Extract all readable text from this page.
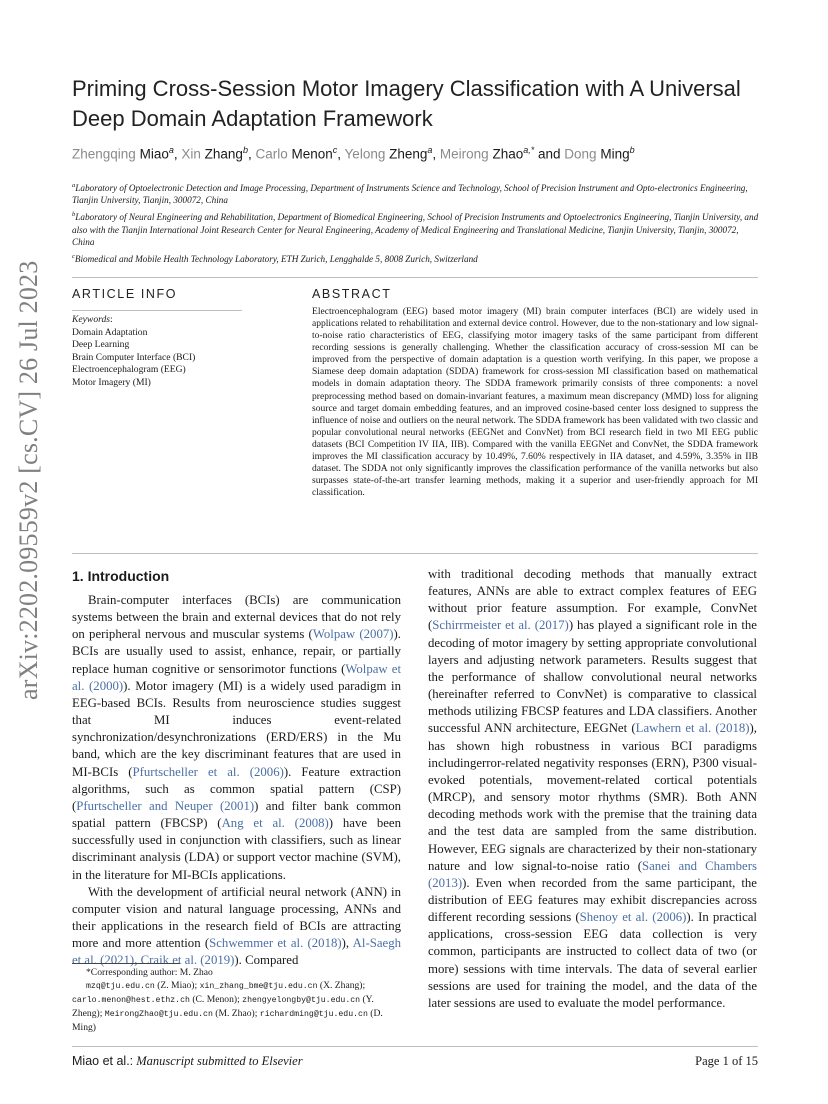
arXiv:2202.09559v2 [cs.CV] 26 Jul 2023
Priming Cross-Session Motor Imagery Classification with A Universal Deep Domain Adaptation Framework
Zhengqing Miao$^a$, Xin Zhang$^b$, Carlo Menon$^c$, Yelong Zheng$^a$, Meirong Zhao$^{a,*}$ and Dong Ming$^b$

$^a$Laboratory of Optoelectronic Detection and Image Processing, Department of Instruments Science and Technology, School of Precision Instrument and Opto-electronics Engineering, Tianjin University, Tianjin, 300072, China

$^b$Laboratory of Neural Engineering and Rehabilitation, Department of Biomedical Engineering, School of Precision Instruments and Optoelectronics Engineering, Tianjin University, and also with the Tianjin International Joint Research Center for Neural Engineering, Academy of Medical Engineering and Translational Medicine, Tianjin University, Tianjin, 300072, China

$^c$Biomedical and Mobile Health Technology Laboratory, ETH Zurich, Lengghalde 5, 8008 Zurich, Switzerland

ARTICLE INFO
Keywords:
Domain Adaptation
Deep Learning
Brain Computer Interface (BCI)
Electroencephalogram (EEG)
Motor Imagery (MI)
ABSTRACT
Electroencephalogram (EEG) based motor imagery (MI) brain computer interfaces (BCI) are widely used in applications related to rehabilitation and external device control. However, due to the non-stationary and low signal-to-noise ratio characteristics of EEG, classifying motor imagery tasks of the same participant from different recording sessions is generally challenging. Whether the classification accuracy of cross-session MI can be improved from the perspective of domain adaptation is a question worth verifying. In this paper, we propose a Siamese deep domain adaptation (SDDA) framework for cross-session MI classification based on mathematical models in domain adaptation theory. The SDDA framework primarily consists of three components: a novel preprocessing method based on domain-invariant features, a maximum mean discrepancy (MMD) loss for aligning source and target domain embedding features, and an improved cosine-based center loss designed to suppress the influence of noise and outliers on the neural network. The SDDA framework has been validated with two classic and popular convolutional neural networks (EEGNet and ConvNet) from BCI research field in two MI EEG public datasets (BCI Competition IV IIA, IIB). Compared with the vanilla EEGNet and ConvNet, the SDDA framework improves the MI classification accuracy by 10.49%, 7.60% respectively in IIA dataset, and 4.59%, 3.35% in IIB dataset. The SDDA not only significantly improves the classification performance of the vanilla networks but also surpasses state-of-the-art transfer learning methods, making it a superior and user-friendly approach for MI classification.
1. Introduction

Brain-computer interfaces (BCIs) are communication systems between the brain and external devices that do not rely on peripheral nervous and muscular systems (Wolpaw (2007)). BCIs are usually used to assist, enhance, repair, or partially replace human cognitive or sensorimotor functions (Wolpaw et al. (2000)). Motor imagery (MI) is a widely used paradigm in EEG-based BCIs. Results from neuroscience studies suggest that MI induces event-related synchronization/desynchronizations (ERD/ERS) in the Mu band, which are the key discriminant features that are used in MI-BCIs (Pfurtscheller et al. (2006)). Feature extraction algorithms, such as common spatial pattern (CSP) (Pfurtscheller and Neuper (2001)) and filter bank common spatial pattern (FBCSP) (Ang et al. (2008)) have been successfully used in conjunction with classifiers, such as linear discriminant analysis (LDA) or support vector machine (SVM), in the literature for MI-BCIs applications.

With the development of artificial neural network (ANN) in computer vision and natural language processing, ANNs and their applications in the research field of BCIs are attracting more and more attention (Schwemmer et al. (2018)), Al-Saegh et al. (2021), Craik et al. (2019)). Compared

with traditional decoding methods that manually extract features, ANNs are able to extract complex features of EEG without prior feature assumption. For example, ConvNet (Schirrmeister et al. (2017)) has played a significant role in the decoding of motor imagery by setting appropriate convolutional layers and adjusting network parameters. Results suggest that the performance of shallow convolutional neural networks (hereinafter referred to ConvNet) is comparative to classical methods utilizing FBCSP features and LDA classifiers. Another successful ANN architecture, EEGNet (Lawhern et al. (2018)), has shown high robustness in various BCI paradigms includingerror-related negativity responses (ERN), P300 visual-evoked potentials, movement-related cortical potentials (MRCP), and sensory motor rhythms (SMR). Both ANN decoding methods work with the premise that the training data and the test data are sampled from the same distribution. However, EEG signals are characterized by their non-stationary nature and low signal-to-noise ratio (Sanei and Chambers (2013)). Even when recorded from the same participant, the distribution of EEG features may exhibit discrepancies across different recording sessions (Shenoy et al. (2006)). In practical applications, cross-session EEG data collection is very common, participants are instructed to collect data of two (or more) sessions with time intervals. The data of several earlier sessions are used for training the model, and the data of the later sessions are used to evaluate the model performance.

*Corresponding author: M. Zhao

mzq@tju.edu.cn (Z. Miao); xin_zhang_bme@tju.edu.cn (X. Zhang); carlo.menon@hest.ethz.ch (C. Menon); zhengyelongby@tju.edu.cn (Y. Zheng); MeirongZhao@tju.edu.cn (M. Zhao); richardming@tju.edu.cn (D. Ming)

Miao et al.: Manuscript submitted to Elsevier	Page 1 of 15
